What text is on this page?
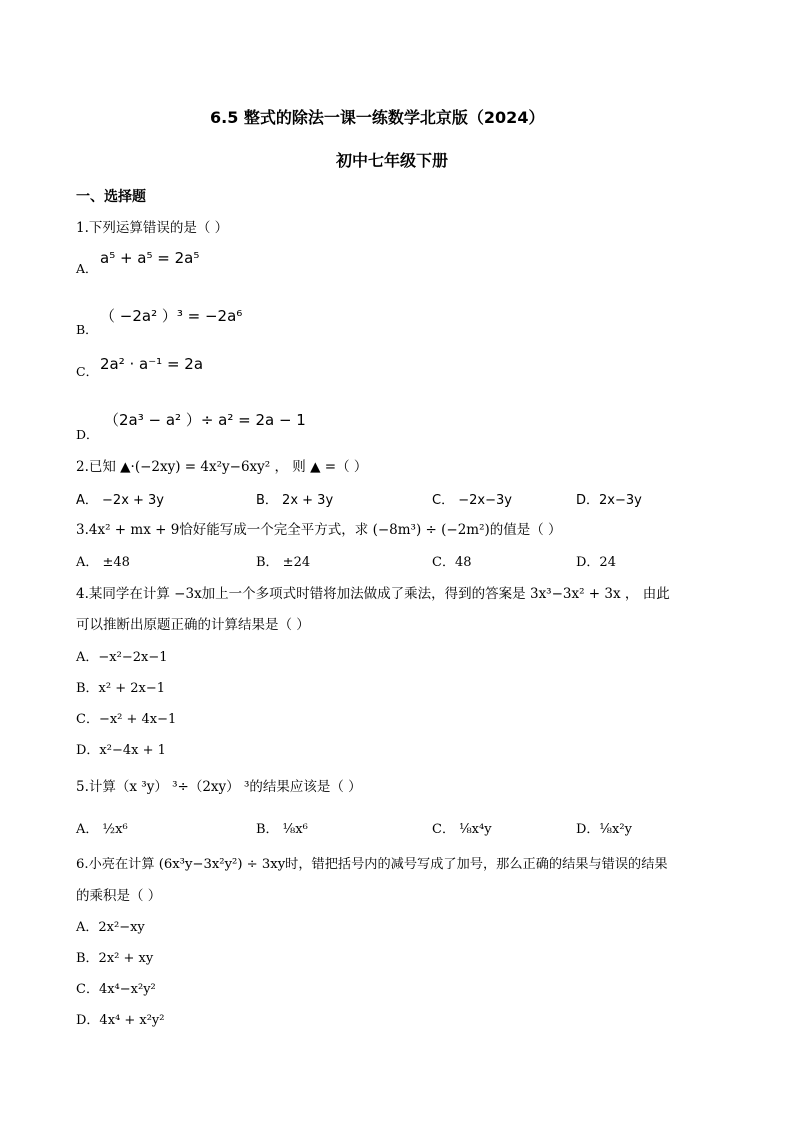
6.5 整式的除法一课一练数学北京版（2024）
初中七年级下册
一、选择题
1.下列运算错误的是（ ）
A．
a⁵ + a⁵ = 2a⁵
B．
（ −2a² ）³ = −2a⁶
C． 2a² · a⁻¹ = 2a
D．
（2a³ − a² ）÷ a² = 2a − 1
2.已知 ▲·(−2xy) = 4x²y−6xy² ， 则 ▲ =（ ）
A． −2x + 3y	B． 2x + 3y	C． −2x−3y	D．2x−3y
3.4x² + mx + 9恰好能写成一个完全平方式，求 (−8m³) ÷ (−2m²)的值是（ ）
A． ±48	B． ±24	C．48	D．24
4.某同学在计算 −3x加上一个多项式时错将加法做成了乘法，得到的答案是 3x³−3x² + 3x ， 由此
可以推断出原题正确的计算结果是（ ）
A．−x²−2x−1
B．x² + 2x−1
C．−x² + 4x−1
D．x²−4x + 1
5.计算（x ³y） ³÷（2xy） ³的结果应该是（ ）
A． ½x⁶	B． ⅛x⁶	C． ⅛x⁴y	D．⅛x²y
6.小亮在计算 (6x³y−3x²y²) ÷ 3xy时，错把括号内的减号写成了加号，那么正确的结果与错误的结果
的乘积是（ ）
A．2x²−xy
B．2x² + xy
C．4x⁴−x²y²
D．4x⁴ + x²y²
